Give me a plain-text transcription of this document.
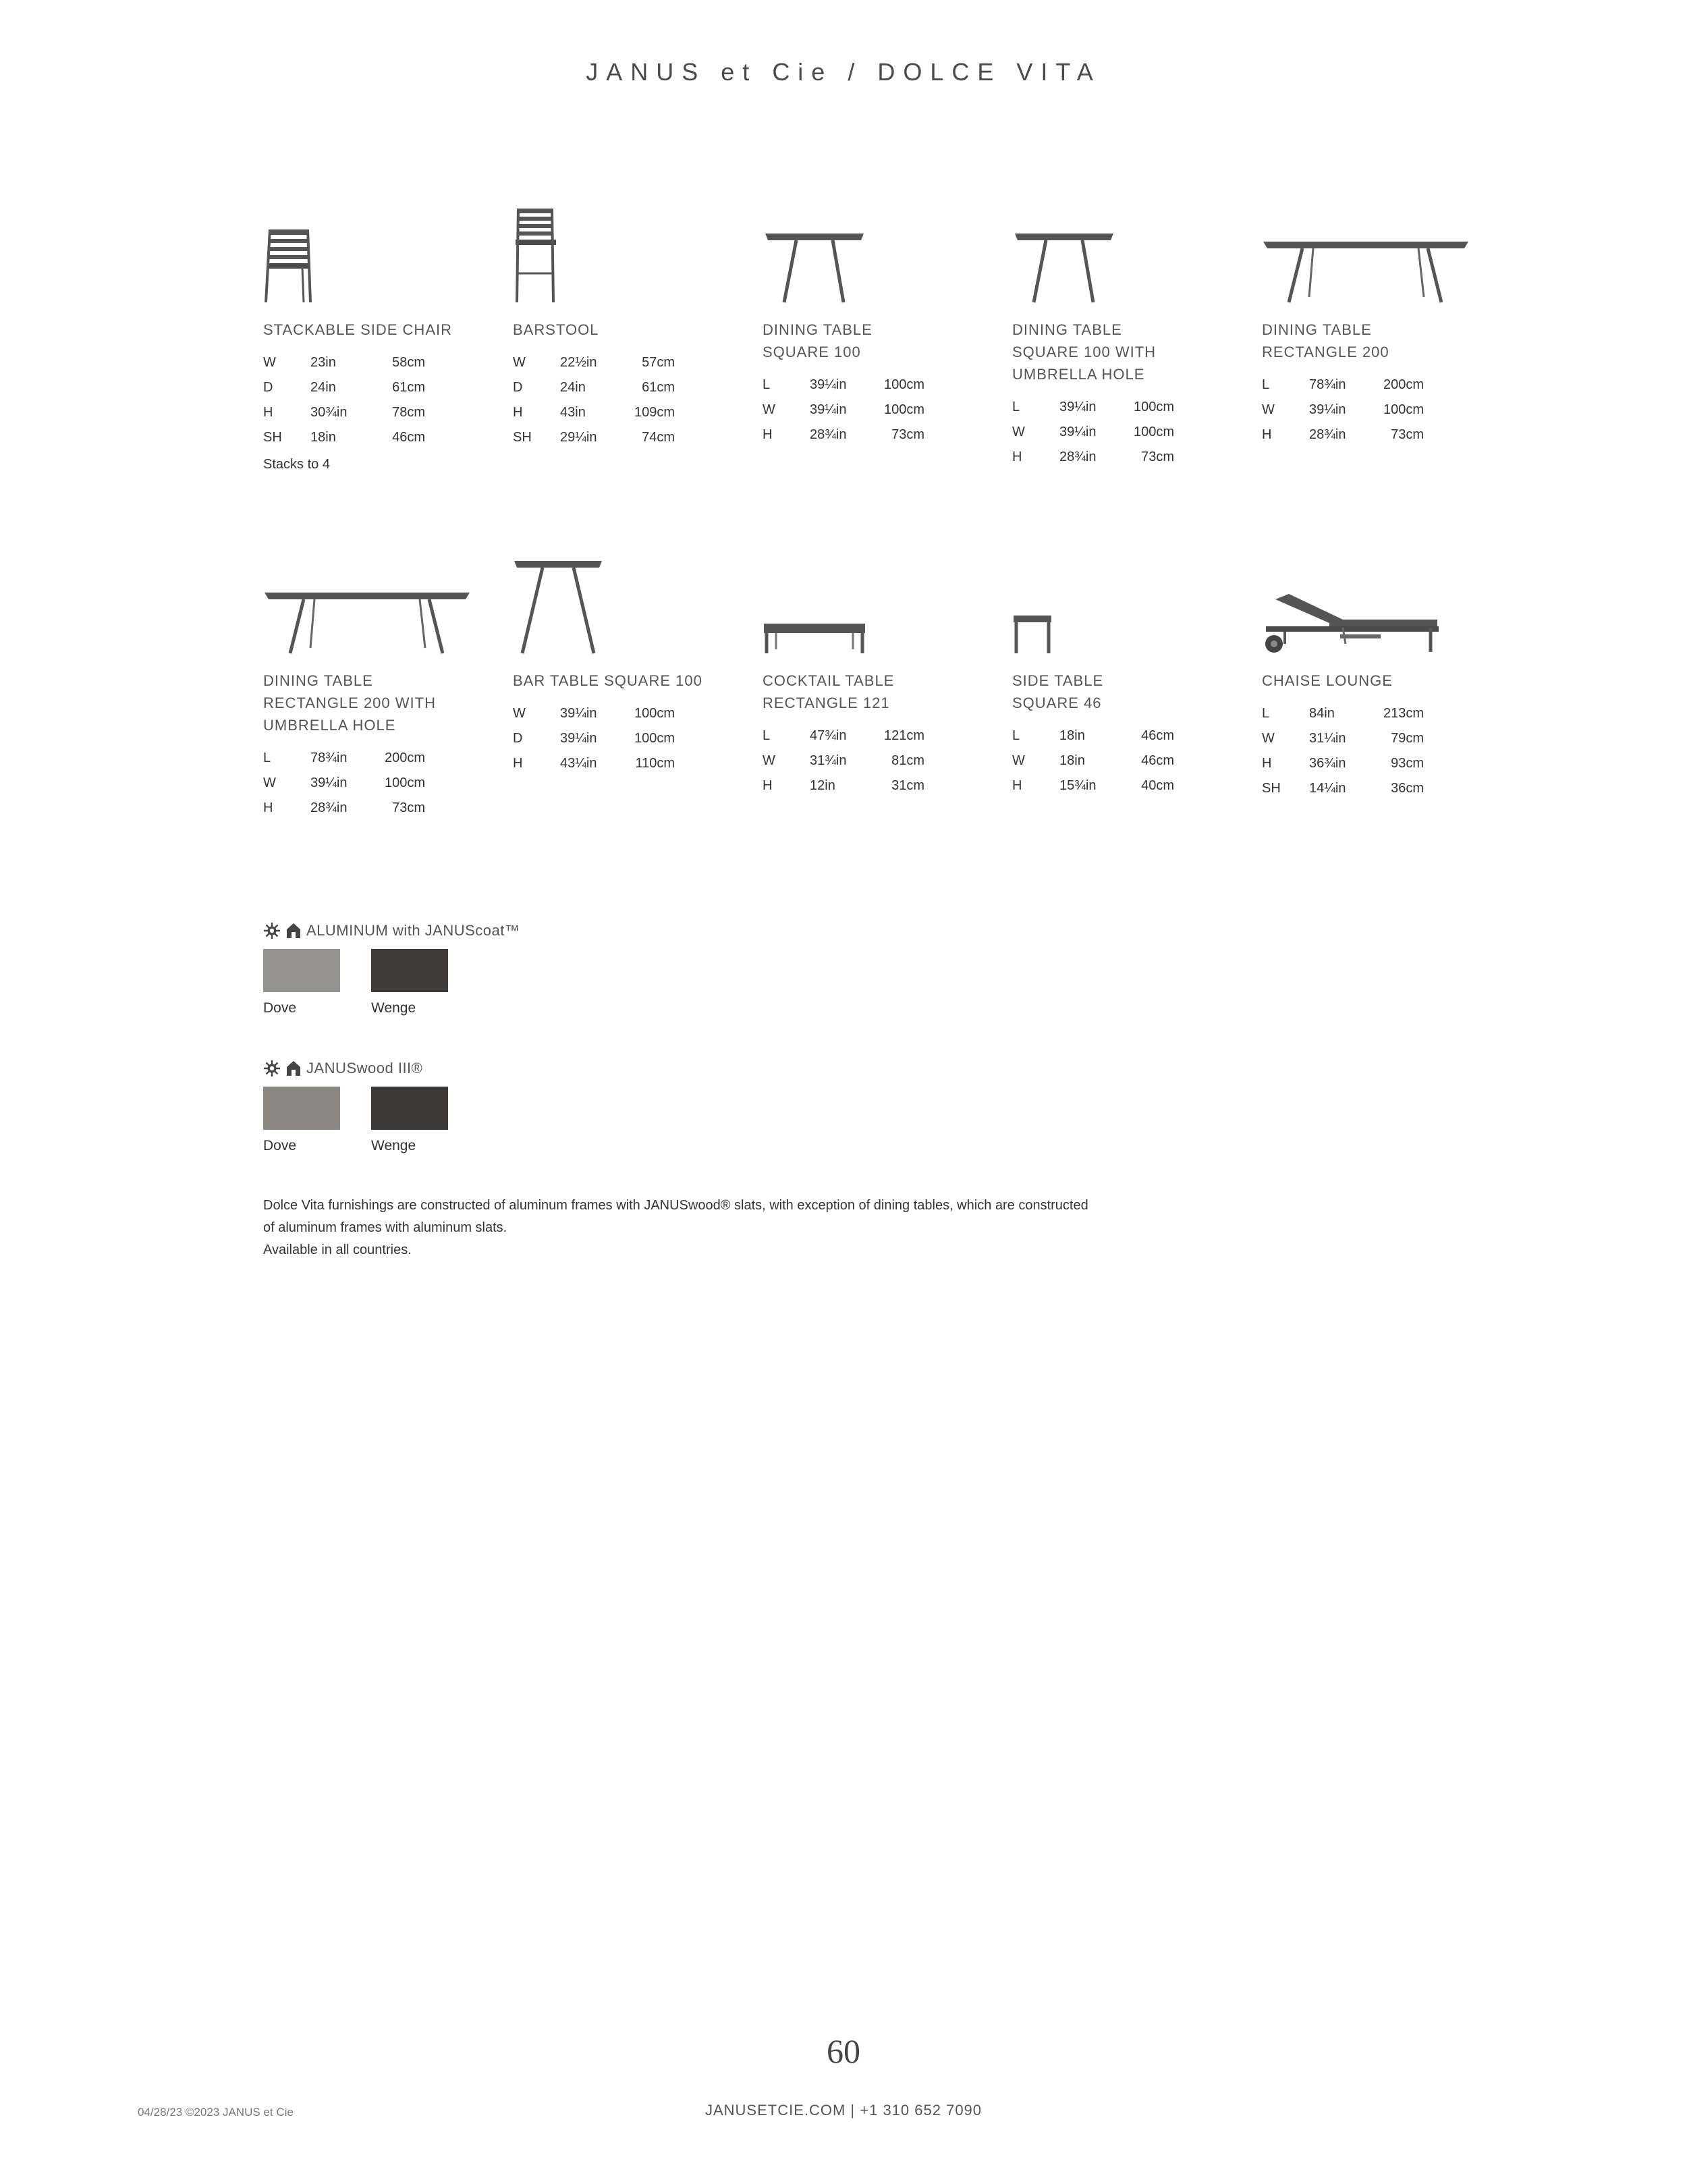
JANUS et Cie / DOLCE VITA
STACKABLE SIDE CHAIR
W	23in	58cm
D	24in	61cm
H	30¾in	78cm
SH	18in	46cm
Stacks to 4
BARSTOOL
W	22½in	57cm
D	24in	61cm
H	43in	109cm
SH	29¼in	74cm
DINING TABLE
SQUARE 100
L	39¼in	100cm
W	39¼in	100cm
H	28¾in	73cm
DINING TABLE
SQUARE 100 WITH
UMBRELLA HOLE
L	39¼in	100cm
W	39¼in	100cm
H	28¾in	73cm
DINING TABLE
RECTANGLE 200
L	78¾in	200cm
W	39¼in	100cm
H	28¾in	73cm
DINING TABLE
RECTANGLE 200 WITH
UMBRELLA HOLE
L	78¾in	200cm
W	39¼in	100cm
H	28¾in	73cm
BAR TABLE SQUARE 100
W	39¼in	100cm
D	39¼in	100cm
H	43¼in	110cm
COCKTAIL TABLE
RECTANGLE 121
L	47¾in	121cm
W	31¾in	81cm
H	12in	31cm
SIDE TABLE
SQUARE 46
L	18in	46cm
W	18in	46cm
H	15¾in	40cm
CHAISE LOUNGE
L	84in	213cm
W	31¼in	79cm
H	36¾in	93cm
SH	14¼in	36cm
ALUMINUM with JANUScoat™
Dove	Wenge
JANUSwood III®
Dove	Wenge
Dolce Vita furnishings are constructed of aluminum frames with JANUSwood® slats, with exception of dining tables, which are constructed
of aluminum frames with aluminum slats.
Available in all countries.
60
04/28/23 ©2023 JANUS et Cie	JANUSETCIE.COM | +1 310 652 7090
